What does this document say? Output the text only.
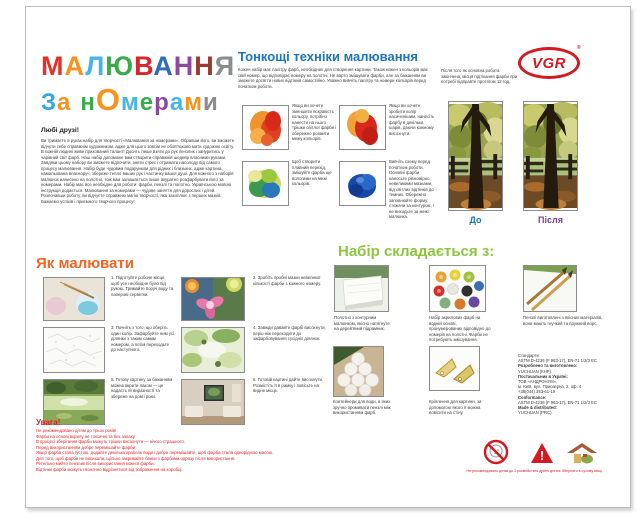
МАЛЮВАННЯ
За нОмерами
Любі друзі!
Ви тримаєте в руках набір для творчості «Малювання за номерами». Обравши його, ви зможете відчути себе справжнім художником, адже для цього зовсім не обов'язково мати художню освіту. В кожній людині живе прихований талант! Досить лише взяти до рук пензлик і зануритись у чарівний світ фарб. Наш набір допоможе вам створити справжній шедевр власними руками. Завдяки цьому набору ви зможете відпочити, зняти стрес і отримати насолоду від самого процесу малювання. Набір буде чудовим подарунком для рідних і близьких, адже картина, намальована власноруч, збереже тепло ваших рук і частинку вашої душі. Для кожного з наборів малюнок нанесено на полотно, тож вам залишається лише акуратно розфарбувати його за номерами. Набір має все необхідне для роботи: фарби, пензлі та полотно. Українською мовою інструкція додається. Малювання за номерами — чудове заняття для дорослих і дітей. Розпочавши роботу, ви відчуєте справжню магію творчості, яка захоплює з перших мазків. Бажаємо успіхів і приємного творчого процесу!
Тонкощі техніки малювання
Кожен набір має палітру фарб, необхідних для створення картини. Також кожен з кольорів має свій номер, що відповідає номеру на полотні. Не варто змішувати фарби, але за бажанням ви зможете досягти нових відтінків самостійно. Уважно вивчіть палітру та номери кольорів перед початком роботи.
Якщо ви хочете зменшити яскравість кольору, потрібно нанести на нього трішки світлої фарби і обережно розмити межу кольорів.
Якщо ви хочете зробити колір насиченішим, нанесіть фарбу в декілька шарів, даючи кожному висохнути.
Щоб створити плавний перехід, змішуйте фарби ще вологими на межі кольорів.
Вивчіть схему перед початком роботи. Основні фарби наносьте рівномірно, невеликими мазками, від світлих відтінків до темних. Обережно заповнюйте форму, стежачи за контуром, і не виходьте за межі малюнка.
VGR
®
Після того як основна робота закінчена, місця підтікання фарби при потребі підправте протягом 12 год.
До	Після
Як малювати
1. Підготуйте робоче місце, щоб усе необхідне було під рукою. Тримайте поруч воду та паперові серветки.
2. Зробіть пробні мазки невеликої кількості фарби з кожного номеру.
3. Почніть з того, що оберіть один колір. Зафарбуйте ним усі ділянки з таким самим номером, а потім переходьте до наступного.
4. Завжди давайте фарбі висохнути, перш ніж переходити до зафарбовування сусідніх ділянок.
5. Готову картину за бажанням можна вкрити лаком — це надасть їй виразності та збереже на довгі роки.
6. Готовій картині дайте висохнути. Розмістіть її в рамку і повісьте на видне місце.
Набір складається з:
Полотно з контурним малюнком, якісно натягнуте на дерев'яний підрамник.
Набір акрилових фарб на водній основі, пронумерованих відповідно до номерів на полотні. Фарби не потребують змішування.
Пензлі виготовлені з якісних матеріалів, вони мають гнучкий та пружний ворс.
Контейнери для води, в яких зручно промивати пензлі між використанням фарб.
Кріплення для картини, за допомогою якого її можна повісити на стіну.
Стандарти:
ASTM D-4236 (F 963-17), EN-71 1/2/3 EC
Розроблено та виготовлено:
YUCHUAN (КНР)
Постачальник в Україні:
ТОВ «АНДРОНУМ»,
м. Київ, вул. Приозерна, 2, оф. 4
+38(044) 353-61-19
Conformance:
ASTM D-4236 (F 963-17), EN-71 1/2/3 EC
Made & distributed:
YUCHUAN (PRC)
Увага!
Не рекомендовано дітям до трьох років!
Фарби на основі акрилу не токсичні та без запаху.
В процесі зберігання фарби можуть трішки висохнути — нічого страшного.
Перед використанням добре перемішайте фарби.
Якщо фарба стала густою, додайте декілька крапель води і добре перемішайте, щоб фарба стала однорідною масою.
Для того, щоб фарби не висихали, щільно закривайте банки з фарбами одразу після використання.
Ретельно мийте пензлик після використання кожної фарби.
Відтінки фарби можуть незначно відрізнятися від зображення на коробці.	Не рекомендовано дітям до 3 років
!
Містить дрібні деталі Зберігати в сухому місці
